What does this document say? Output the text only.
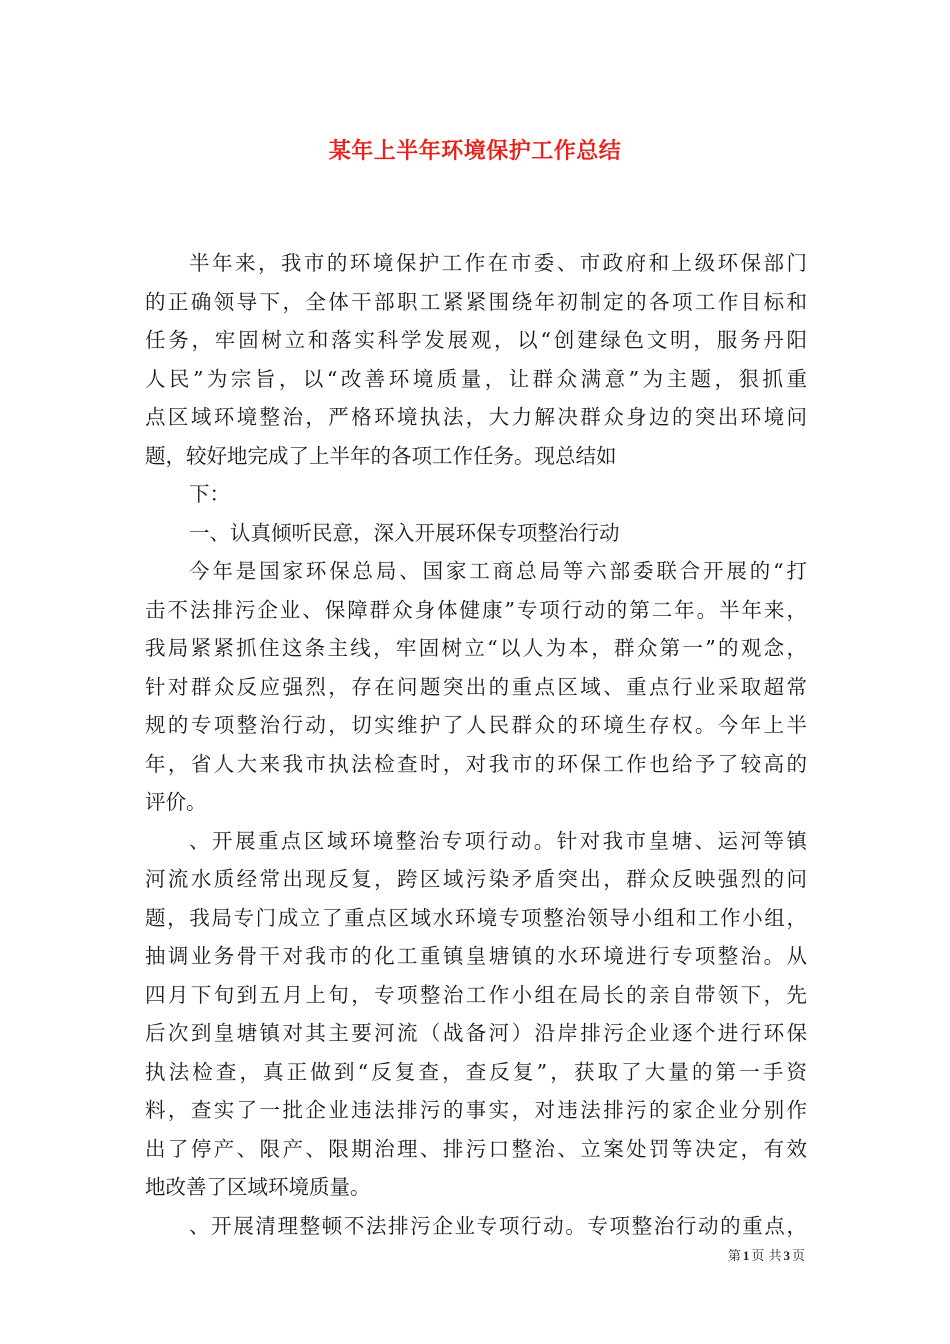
某年上半年环境保护工作总结
半年来，我市的环境保护工作在市委、市政府和上级环保部门
的正确领导下，全体干部职工紧紧围绕年初制定的各项工作目标和
任务，牢固树立和落实科学发展观，以“创建绿色文明，服务丹阳
人民”为宗旨，以“改善环境质量，让群众满意”为主题，狠抓重
点区域环境整治，严格环境执法，大力解决群众身边的突出环境问
题，较好地完成了上半年的各项工作任务。现总结如
下：
一、认真倾听民意，深入开展环保专项整治行动
今年是国家环保总局、国家工商总局等六部委联合开展的“打
击不法排污企业、保障群众身体健康”专项行动的第二年。半年来，
我局紧紧抓住这条主线，牢固树立“以人为本，群众第一”的观念，
针对群众反应强烈，存在问题突出的重点区域、重点行业采取超常
规的专项整治行动，切实维护了人民群众的环境生存权。今年上半
年，省人大来我市执法检查时，对我市的环保工作也给予了较高的
评价。
、开展重点区域环境整治专项行动。针对我市皇塘、运河等镇
河流水质经常出现反复，跨区域污染矛盾突出，群众反映强烈的问
题，我局专门成立了重点区域水环境专项整治领导小组和工作小组，
抽调业务骨干对我市的化工重镇皇塘镇的水环境进行专项整治。从
四月下旬到五月上旬，专项整治工作小组在局长的亲自带领下，先
后次到皇塘镇对其主要河流（战备河）沿岸排污企业逐个进行环保
执法检查，真正做到“反复查，查反复”，获取了大量的第一手资
料，查实了一批企业违法排污的事实，对违法排污的家企业分别作
出了停产、限产、限期治理、排污口整治、立案处罚等决定，有效
地改善了区域环境质量。
、开展清理整顿不法排污企业专项行动。专项整治行动的重点，
第 1 页 共 3 页
